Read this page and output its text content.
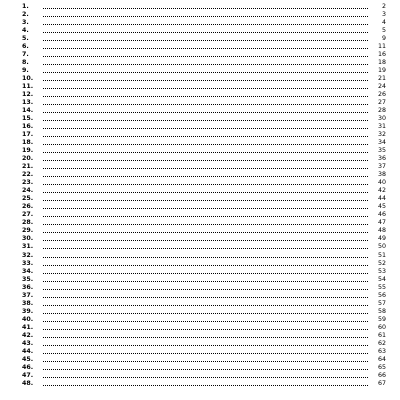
1.	2
2.	3
3.	4
4.	5
5.	9
6.	11
7.	16
8.	18
9.	19
10.	21
11.	24
12.	26
13.	27
14.	28
15.	30
16.	31
17.	32
18.	34
19.	35
20.	36
21.	37
22.	38
23.	40
24.	42
25.	44
26.	45
27.	46
28.	47
29.	48
30.	49
31.	50
32.	51
33.	52
34.	53
35.	54
36.	55
37.	56
38.	57
39.	58
40.	59
41.	60
42.	61
43.	62
44.	63
45.	64
46.	65
47.	66
48.	67
